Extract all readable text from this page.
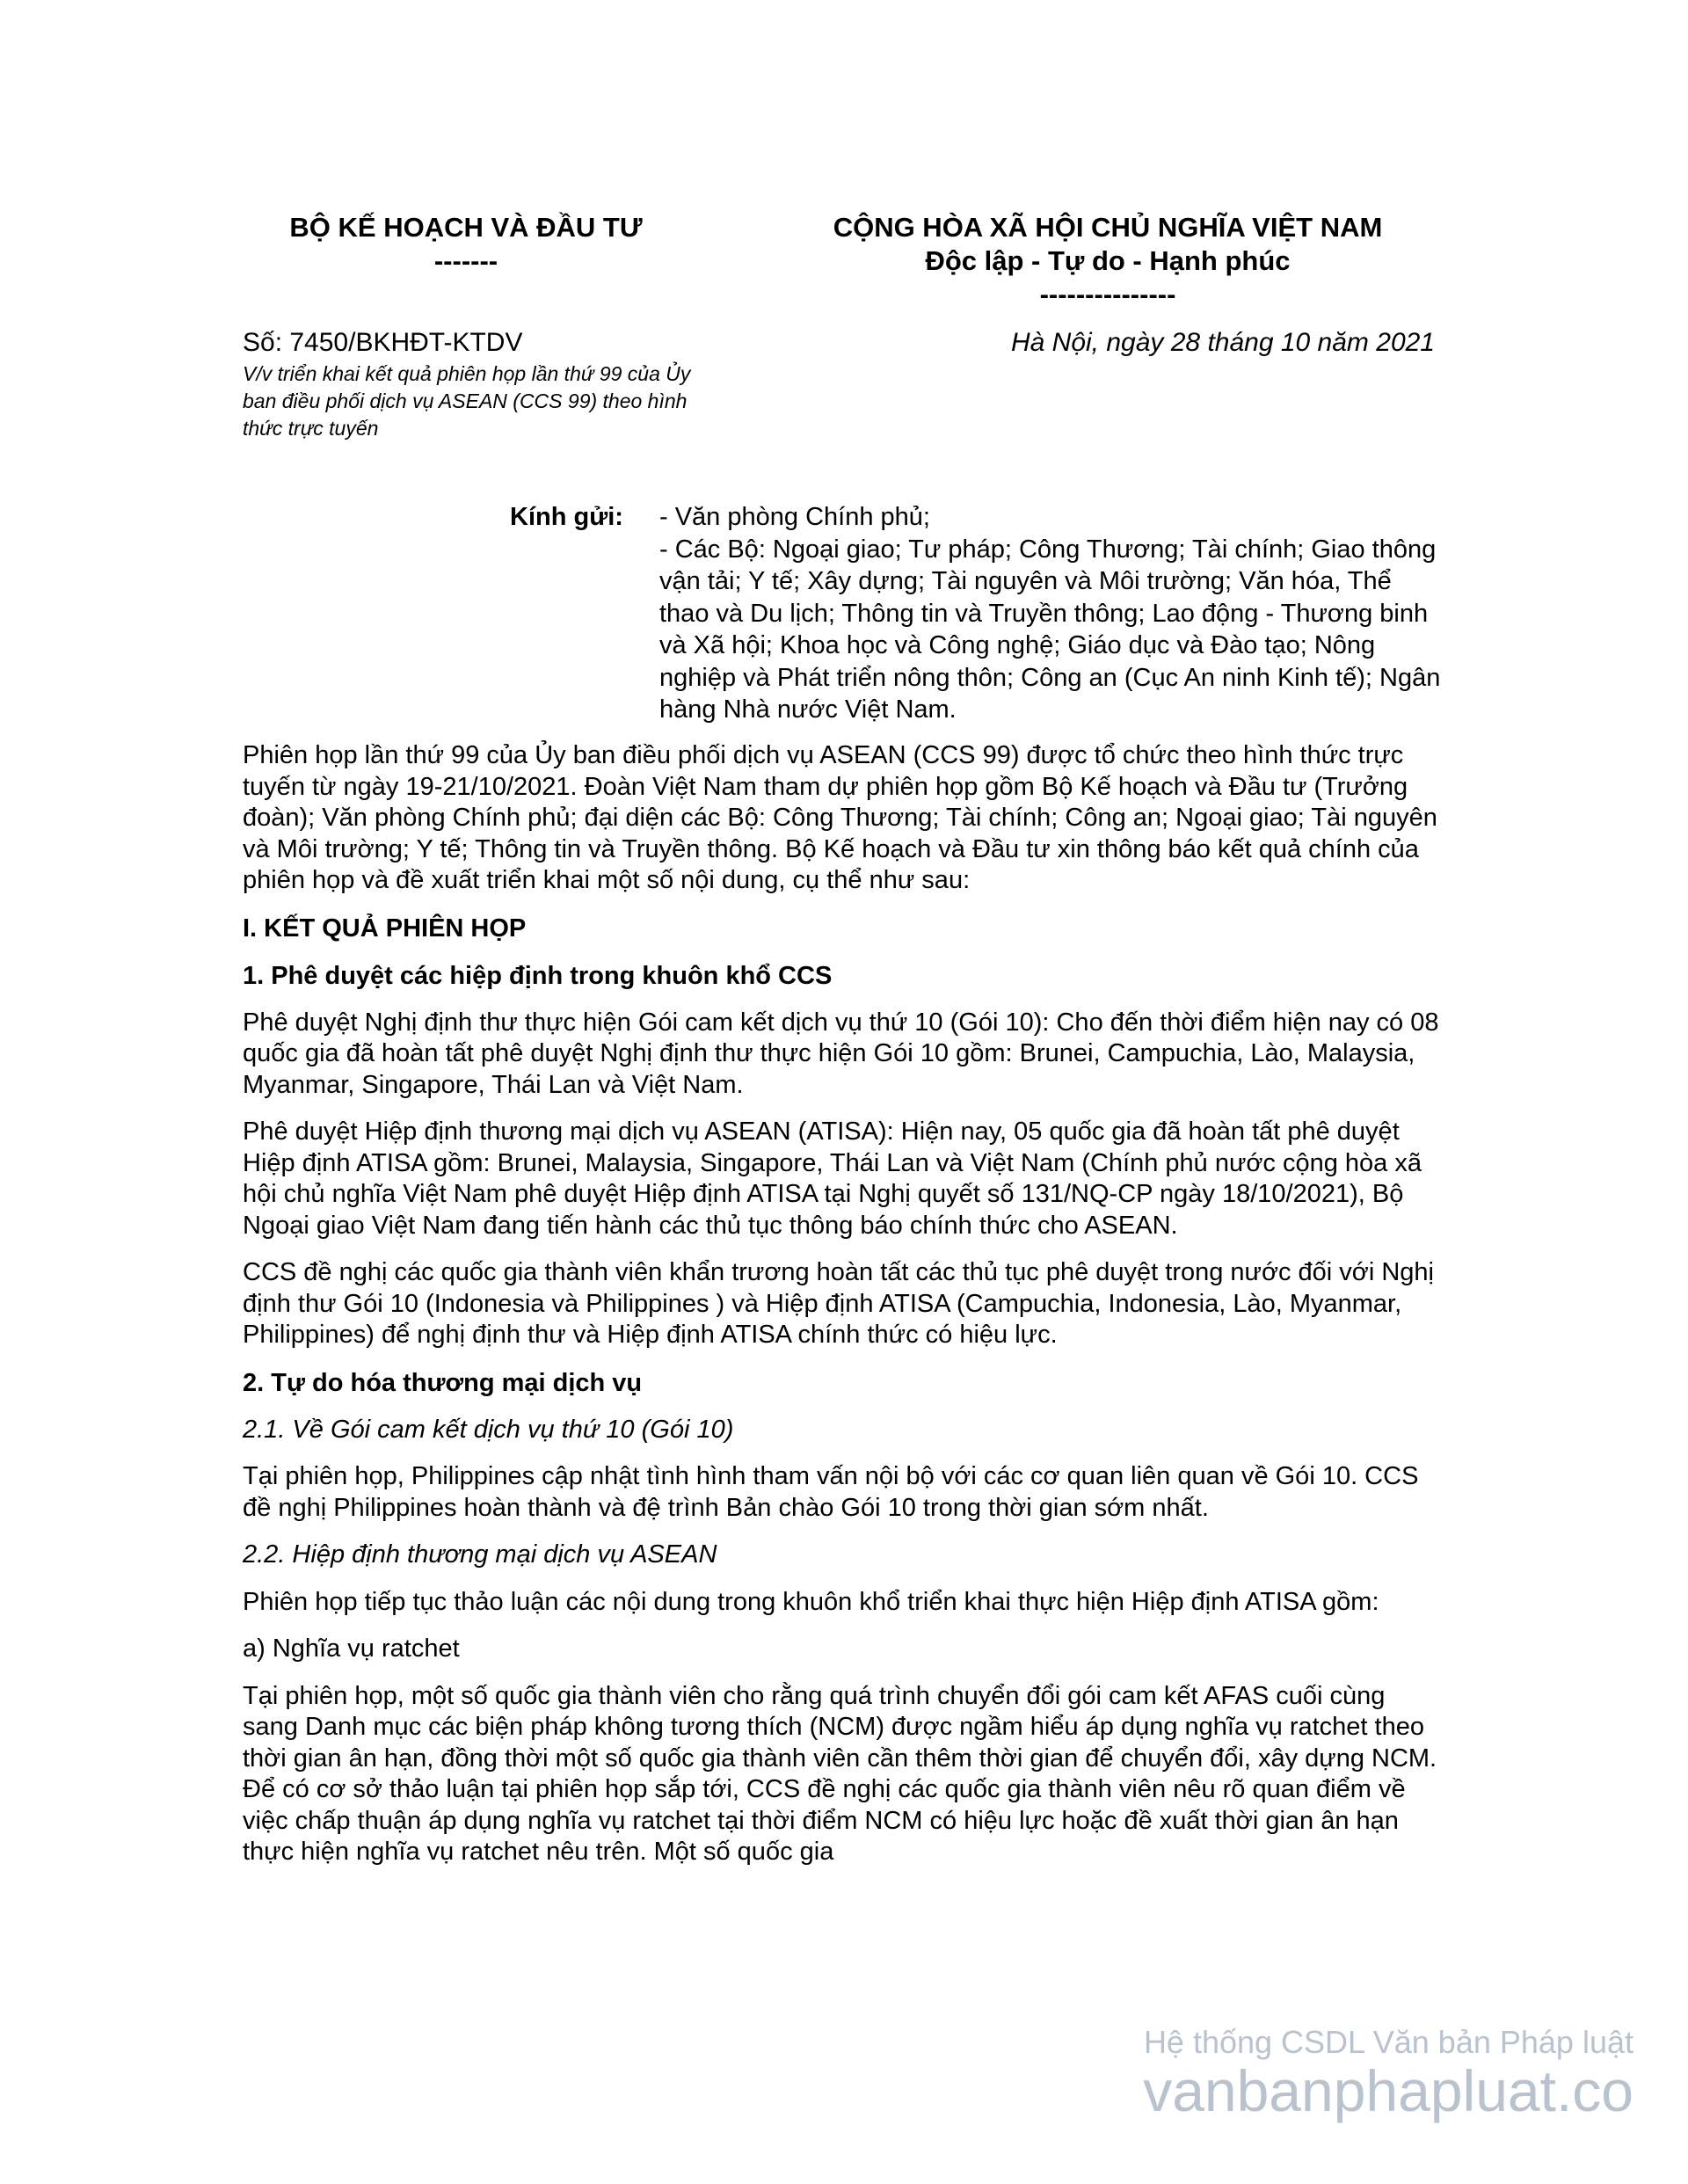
BỘ KẾ HOẠCH VÀ ĐẦU TƯ
-------
CỘNG HÒA XÃ HỘI CHỦ NGHĨA VIỆT NAM
Độc lập - Tự do - Hạnh phúc
---------------
Số: 7450/BKHĐT-KTDV
V/v triển khai kết quả phiên họp lần thứ 99 của Ủy ban điều phối dịch vụ ASEAN (CCS 99) theo hình thức trực tuyến
Hà Nội, ngày 28 tháng 10 năm 2021
Kính gửi: - Văn phòng Chính phủ;

- Các Bộ: Ngoại giao; Tư pháp; Công Thương; Tài chính; Giao thông vận tải; Y tế; Xây dựng; Tài nguyên và Môi trường; Văn hóa, Thể thao và Du lịch; Thông tin và Truyền thông; Lao động - Thương binh và Xã hội; Khoa học và Công nghệ; Giáo dục và Đào tạo; Nông nghiệp và Phát triển nông thôn; Công an (Cục An ninh Kinh tế); Ngân hàng Nhà nước Việt Nam.

Phiên họp lần thứ 99 của Ủy ban điều phối dịch vụ ASEAN (CCS 99) được tổ chức theo hình thức trực tuyến từ ngày 19-21/10/2021. Đoàn Việt Nam tham dự phiên họp gồm Bộ Kế hoạch và Đầu tư (Trưởng đoàn); Văn phòng Chính phủ; đại diện các Bộ: Công Thương; Tài chính; Công an; Ngoại giao; Tài nguyên và Môi trường; Y tế; Thông tin và Truyền thông. Bộ Kế hoạch và Đầu tư xin thông báo kết quả chính của phiên họp và đề xuất triển khai một số nội dung, cụ thể như sau:

I. KẾT QUẢ PHIÊN HỌP
1. Phê duyệt các hiệp định trong khuôn khổ CCS

Phê duyệt Nghị định thư thực hiện Gói cam kết dịch vụ thứ 10 (Gói 10): Cho đến thời điểm hiện nay có 08 quốc gia đã hoàn tất phê duyệt Nghị định thư thực hiện Gói 10 gồm: Brunei, Campuchia, Lào, Malaysia, Myanmar, Singapore, Thái Lan và Việt Nam.

Phê duyệt Hiệp định thương mại dịch vụ ASEAN (ATISA): Hiện nay, 05 quốc gia đã hoàn tất phê duyệt Hiệp định ATISA gồm: Brunei, Malaysia, Singapore, Thái Lan và Việt Nam (Chính phủ nước cộng hòa xã hội chủ nghĩa Việt Nam phê duyệt Hiệp định ATISA tại Nghị quyết số 131/NQ-CP ngày 18/10/2021), Bộ Ngoại giao Việt Nam đang tiến hành các thủ tục thông báo chính thức cho ASEAN.

CCS đề nghị các quốc gia thành viên khẩn trương hoàn tất các thủ tục phê duyệt trong nước đối với Nghị định thư Gói 10 (Indonesia và Philippines ) và Hiệp định ATISA (Campuchia, Indonesia, Lào, Myanmar, Philippines) để nghị định thư và Hiệp định ATISA chính thức có hiệu lực.

2. Tự do hóa thương mại dịch vụ

2.1. Về Gói cam kết dịch vụ thứ 10 (Gói 10)

Tại phiên họp, Philippines cập nhật tình hình tham vấn nội bộ với các cơ quan liên quan về Gói 10. CCS đề nghị Philippines hoàn thành và đệ trình Bản chào Gói 10 trong thời gian sớm nhất.

2.2. Hiệp định thương mại dịch vụ ASEAN

Phiên họp tiếp tục thảo luận các nội dung trong khuôn khổ triển khai thực hiện Hiệp định ATISA gồm:

a) Nghĩa vụ ratchet

Tại phiên họp, một số quốc gia thành viên cho rằng quá trình chuyển đổi gói cam kết AFAS cuối cùng sang Danh mục các biện pháp không tương thích (NCM) được ngầm hiểu áp dụng nghĩa vụ ratchet theo thời gian ân hạn, đồng thời một số quốc gia thành viên cần thêm thời gian để chuyển đổi, xây dựng NCM. Để có cơ sở thảo luận tại phiên họp sắp tới, CCS đề nghị các quốc gia thành viên nêu rõ quan điểm về việc chấp thuận áp dụng nghĩa vụ ratchet tại thời điểm NCM có hiệu lực hoặc đề xuất thời gian ân hạn thực hiện nghĩa vụ ratchet nêu trên. Một số quốc gia

Hệ thống CSDL Văn bản Pháp luật
vanbanphapluat.co
